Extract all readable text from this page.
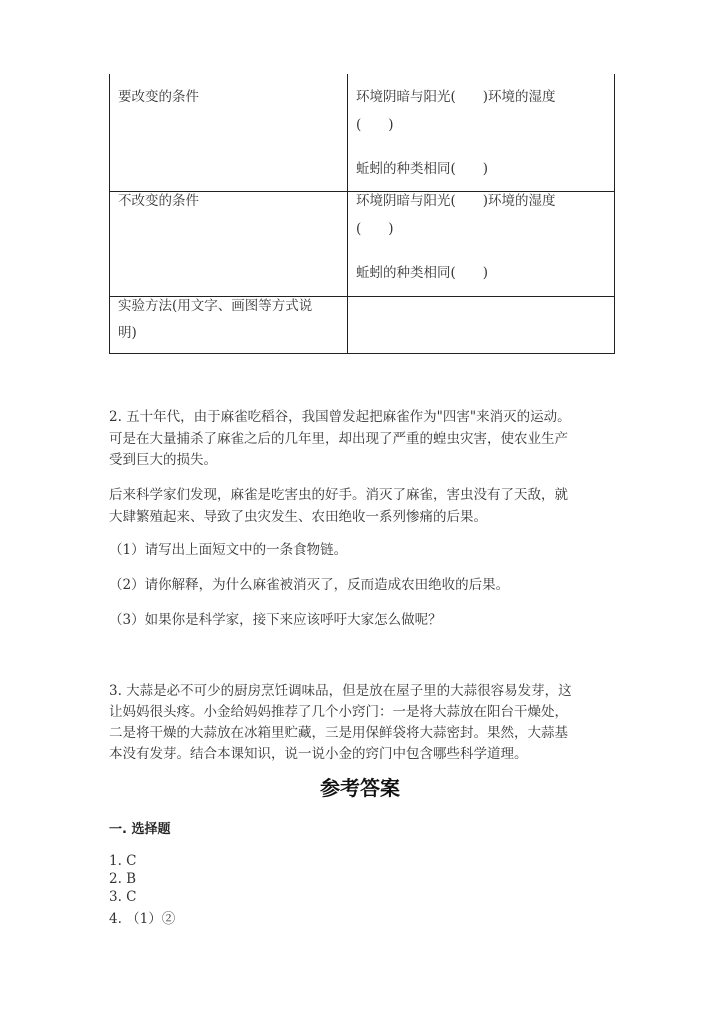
要改变的条件	环境阴暗与阳光(　　)环境的湿度
(　　)
蚯蚓的种类相同(　　)
不改变的条件	环境阴暗与阳光(　　)环境的湿度
(　　)
蚯蚓的种类相同(　　)
实验方法(用文字、画图等方式说
明)
2. 五十年代，由于麻雀吃稻谷，我国曾发起把麻雀作为"四害"来消灭的运动。
可是在大量捕杀了麻雀之后的几年里，却出现了严重的蝗虫灾害，使农业生产
受到巨大的损失。
后来科学家们发现，麻雀是吃害虫的好手。消灭了麻雀，害虫没有了天敌，就
大肆繁殖起来、导致了虫灾发生、农田绝收一系列惨痛的后果。
（1）请写出上面短文中的一条食物链。
（2）请你解释，为什么麻雀被消灭了，反而造成农田绝收的后果。
（3）如果你是科学家，接下来应该呼吁大家怎么做呢？
3. 大蒜是必不可少的厨房烹饪调味品，但是放在屋子里的大蒜很容易发芽，这
让妈妈很头疼。小金给妈妈推荐了几个小窍门：一是将大蒜放在阳台干燥处，
二是将干燥的大蒜放在冰箱里贮藏，三是用保鲜袋将大蒜密封。果然，大蒜基
本没有发芽。结合本课知识，说一说小金的窍门中包含哪些科学道理。
参考答案
一. 选择题
1. C
2. B
3. C
4. （1）②
